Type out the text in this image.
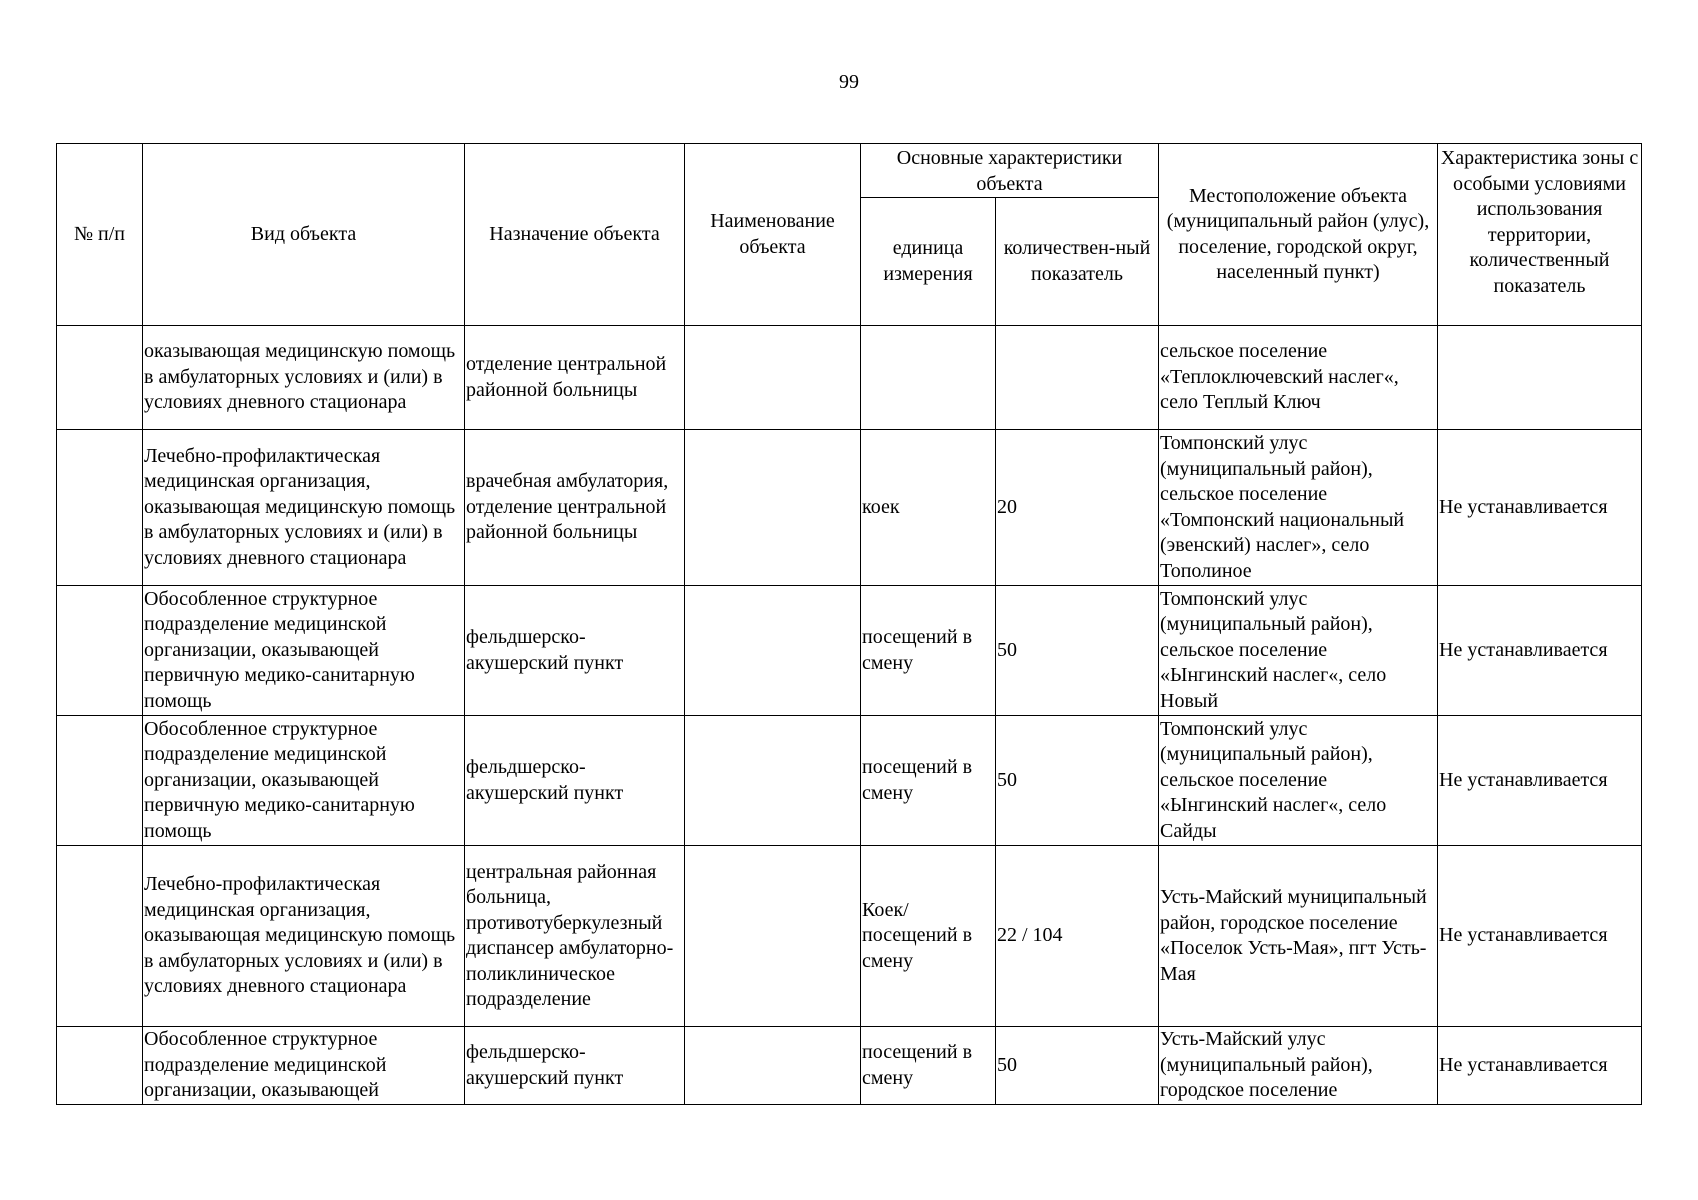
99
№ п/п	Вид объекта	Назначение объекта	Наименование объекта	Основные характеристики объекта		Местоположение объекта (муниципальный район (улус), поселение, городской округ, населенный пункт)	Характеристика зоны с особыми условиями использования территории, количественный показатель
				единица измерения	количествен-ный показатель		
	оказывающая медицинскую помощь в амбулаторных условиях и (или) в условиях дневного стационара	отделение центральной районной больницы				сельское поселение «Теплоключевский наслег«, село Теплый Ключ	
	Лечебно-профилактическая медицинская организация, оказывающая медицинскую помощь в амбулаторных условиях и (или) в условиях дневного стационара	врачебная амбулатория, отделение центральной районной больницы		коек	20	Томпонский улус (муниципальный район), сельское поселение «Томпонский национальный (эвенский) наслег», село Тополиное	Не устанавливается
	Обособленное структурное подразделение медицинской организации, оказывающей первичную медико-санитарную помощь	фельдшерско-акушерский пункт		посещений в смену	50	Томпонский улус (муниципальный район), сельское поселение «Ынгинский наслег«, село Новый	Не устанавливается
	Обособленное структурное подразделение медицинской организации, оказывающей первичную медико-санитарную помощь	фельдшерско-акушерский пункт		посещений в смену	50	Томпонский улус (муниципальный район), сельское поселение «Ынгинский наслег«, село Сайды	Не устанавливается
	Лечебно-профилактическая медицинская организация, оказывающая медицинскую помощь в амбулаторных условиях и (или) в условиях дневного стационара	центральная районная больница, противотуберкулезный диспансер амбулаторно-поликлиническое подразделение		Коек/посещений в смену	22 / 104	Усть-Майский муниципальный район, городское поселение «Поселок Усть-Мая», пгт Усть-Мая	Не устанавливается
	Обособленное структурное подразделение медицинской организации, оказывающей	фельдшерско-акушерский пункт		посещений в смену	50	Усть-Майский улус (муниципальный район), городское поселение	Не устанавливается
